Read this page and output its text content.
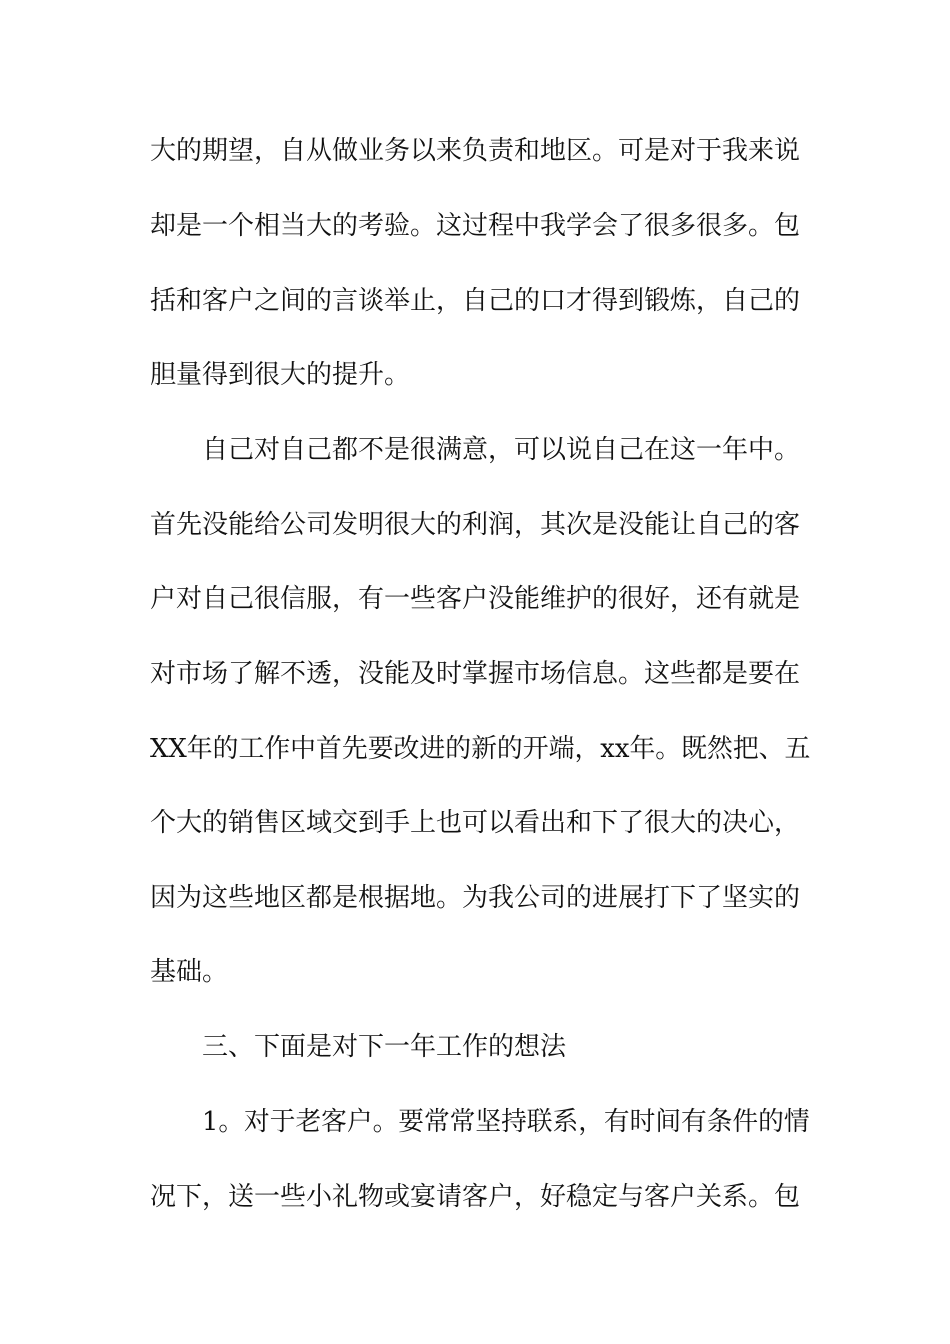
大的期望，自从做业务以来负责和地区。可是对于我来说
却是一个相当大的考验。这过程中我学会了很多很多。包
括和客户之间的言谈举止，自己的口才得到锻炼，自己的
胆量得到很大的提升。
自己对自己都不是很满意，可以说自己在这一年中。
首先没能给公司发明很大的利润，其次是没能让自己的客
户对自己很信服，有一些客户没能维护的很好，还有就是
对市场了解不透，没能及时掌握市场信息。这些都是要在
XX年的工作中首先要改进的新的开端，xx年。既然把、五
个大的销售区域交到手上也可以看出和下了很大的决心，
因为这些地区都是根据地。为我公司的进展打下了坚实的
基础。
三、下面是对下一年工作的想法
1。对于老客户。要常常坚持联系，有时间有条件的情
况下，送一些小礼物或宴请客户，好稳定与客户关系。包
